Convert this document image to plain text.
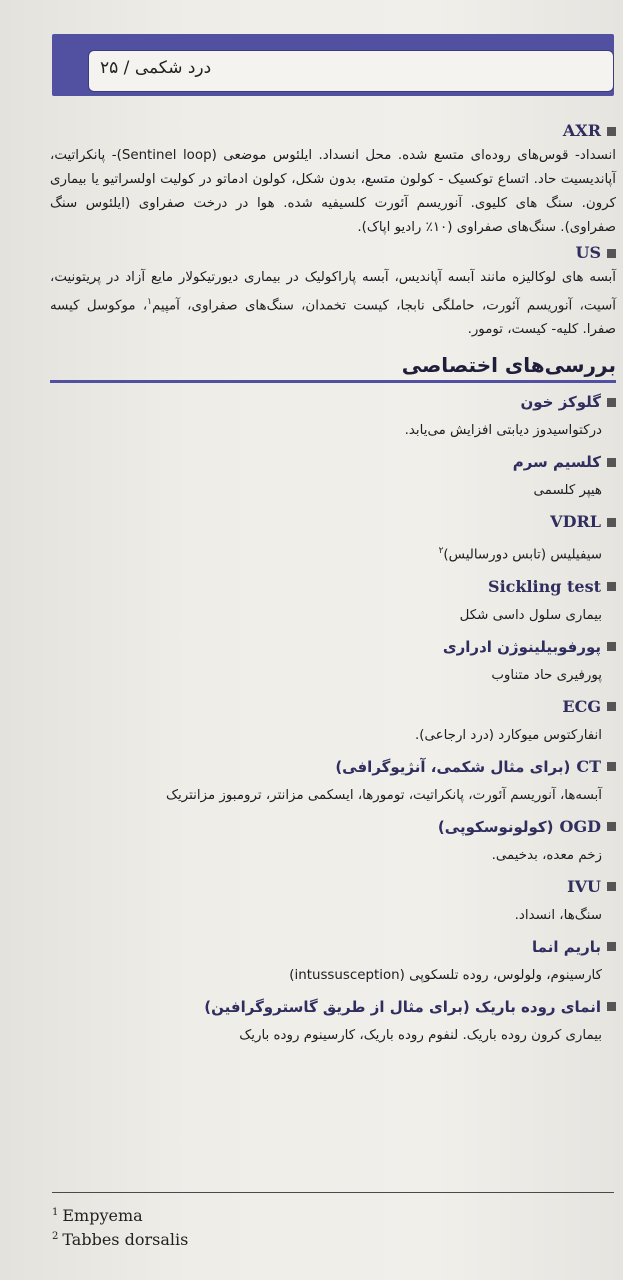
درد شکمی / ۲۵
AXR

انسداد- قوس‌های روده‌ای متسع شده. محل انسداد. ایلئوس موضعی (Sentinel loop)- پانکراتیت، آپاندیسیت حاد. اتساع توکسیک - کولون متسع، بدون شکل، کولون ادماتو در کولیت اولسراتیو یا بیماری کرون. سنگ های کلیوی. آنوریسم آئورت کلسیفیه شده. هوا در درخت صفراوی (ایلئوس سنگ صفراوی). سنگ‌های صفراوی (۱۰٪ رادیو اپاک).

US

آبسه های لوکالیزه مانند آبسه آپاندیس، آبسه پاراکولیک در بیماری دیورتیکولار مایع آزاد در پریتونیت، آسیت، آنوریسم آئورت، حاملگی نابجا، کیست تخمدان، سنگ‌های صفراوی، آمپیم$^۱$، موکوسل کیسه صفرا. کلیه- کیست، تومور.

بررسی‌های اختصاصی
گلوکز خون
درکتواسیدوز دیابتی افزایش می‌یابد.
کلسیم سرم
هیپر کلسمی
VDRL
سیفیلیس (تابس دورسالیس)$^۲$
Sickling test
بیماری سلول داسی شکل
پورفوبیلینوژن ادراری
پورفیری حاد متناوب
ECG
انفارکتوس میوکارد (درد ارجاعی).
CT
(برای مثال شکمی، آنژیوگرافی)
آبسه‌ها، آنوریسم آئورت، پانکراتیت، تومورها، ایسکمی مزانتر، ترومبوز مزانتریک
OGD
(کولونوسکوپی)
زخم معده، بدخیمی.
IVU
سنگ‌ها، انسداد.
باریم انما
کارسینوم، ولولوس، روده تلسکوپی (intussusception)
انمای روده باریک (برای مثال از طریق گاستروگرافین)
بیماری کرون روده باریک. لنفوم روده باریک، کارسینوم روده باریک
$^1$ Empyema
$^2$ Tabbes dorsalis
